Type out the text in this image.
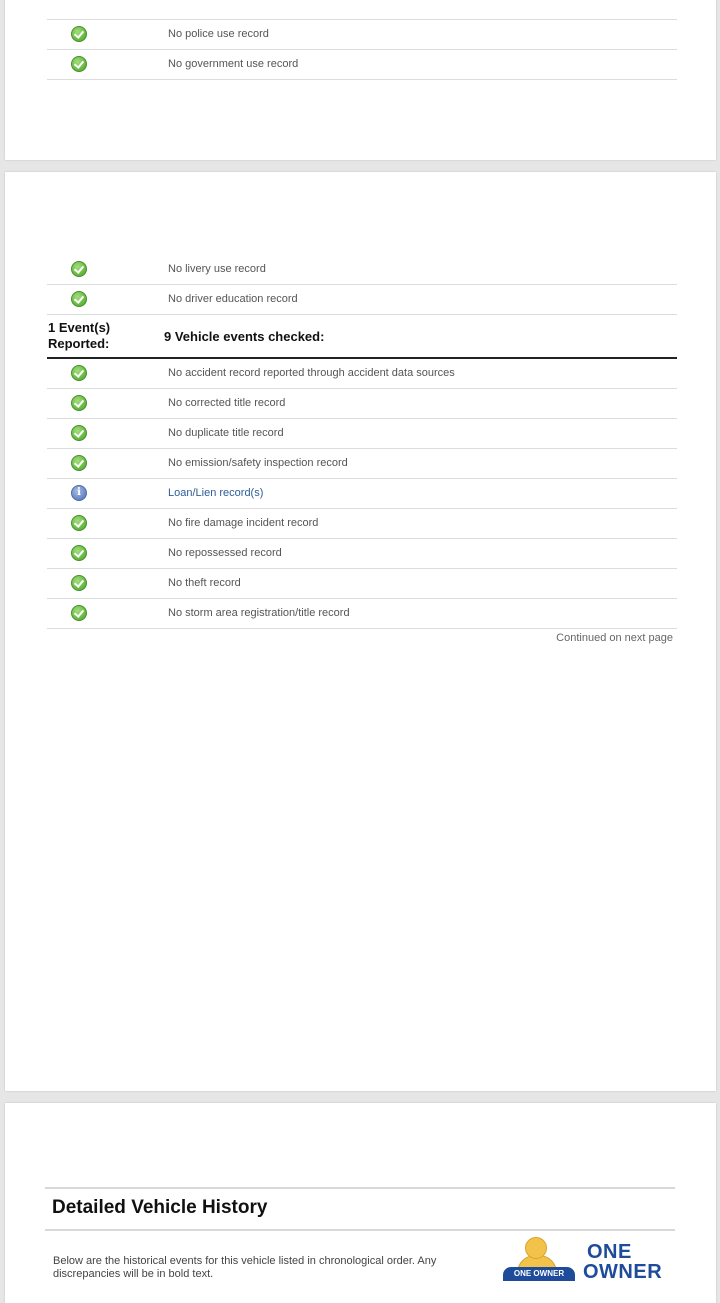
No police use record
No government use record
No livery use record
No driver education record
1 Event(s) Reported:	9 Vehicle events checked:
No accident record reported through accident data sources
No corrected title record
No duplicate title record
No emission/safety inspection record
i	Loan/Lien record(s)
No fire damage incident record
No repossessed record
No theft record
No storm area registration/title record
Continued on next page
Detailed Vehicle History
Below are the historical events for this vehicle listed in chronological order. Any discrepancies will be in bold text.	ONE OWNER
ONE
OWNER
